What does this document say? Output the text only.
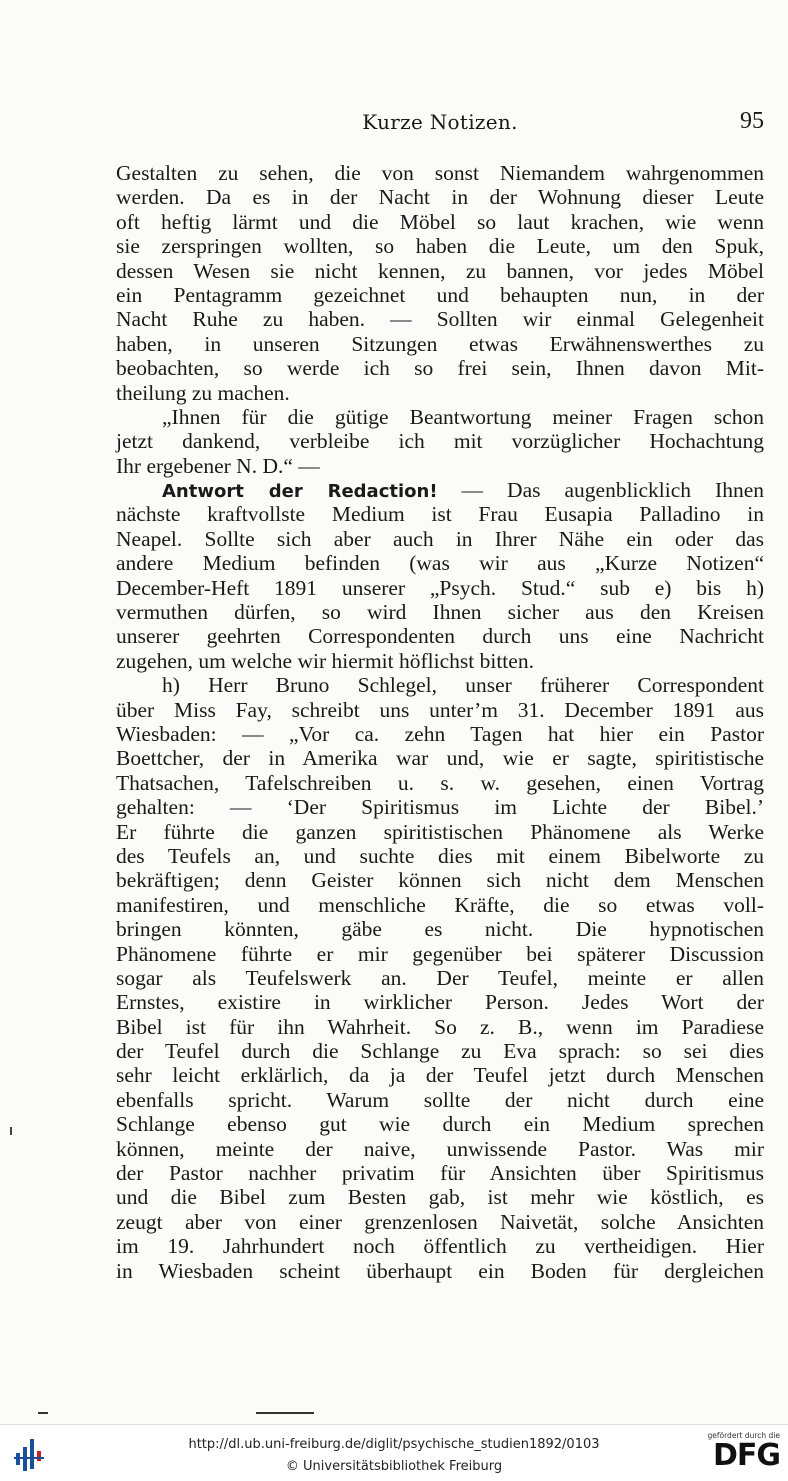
Kurze Notizen.	95
Gestalten zu sehen, die von sonst Niemandem wahrgenommen
werden. Da es in der Nacht in der Wohnung dieser Leute
oft heftig lärmt und die Möbel so laut krachen, wie wenn
sie zerspringen wollten, so haben die Leute, um den Spuk,
dessen Wesen sie nicht kennen, zu bannen, vor jedes Möbel
ein Pentagramm gezeichnet und behaupten nun, in der
Nacht Ruhe zu haben. — Sollten wir einmal Gelegenheit
haben, in unseren Sitzungen etwas Erwähnenswerthes zu
beobachten, so werde ich so frei sein, Ihnen davon Mit-
theilung zu machen.
„Ihnen für die gütige Beantwortung meiner Fragen schon
jetzt dankend, verbleibe ich mit vorzüglicher Hochachtung
Ihr ergebener N. D.“ —
Antwort der Redaction! — Das augenblicklich Ihnen
nächste kraftvollste Medium ist Frau Eusapia Palladino in
Neapel. Sollte sich aber auch in Ihrer Nähe ein oder das
andere Medium befinden (was wir aus „Kurze Notizen“
December-Heft 1891 unserer „Psych. Stud.“ sub e) bis h)
vermuthen dürfen, so wird Ihnen sicher aus den Kreisen
unserer geehrten Correspondenten durch uns eine Nachricht
zugehen, um welche wir hiermit höflichst bitten.
h) Herr Bruno Schlegel, unser früherer Correspondent
über Miss Fay, schreibt uns unter’m 31. December 1891 aus
Wiesbaden: — „Vor ca. zehn Tagen hat hier ein Pastor
Boettcher, der in Amerika war und, wie er sagte, spiritistische
Thatsachen, Tafelschreiben u. s. w. gesehen, einen Vortrag
gehalten: — ‘Der Spiritismus im Lichte der Bibel.’
Er führte die ganzen spiritistischen Phänomene als Werke
des Teufels an, und suchte dies mit einem Bibelworte zu
bekräftigen; denn Geister können sich nicht dem Menschen
manifestiren, und menschliche Kräfte, die so etwas voll-
bringen könnten, gäbe es nicht. Die hypnotischen
Phänomene führte er mir gegenüber bei späterer Discussion
sogar als Teufelswerk an. Der Teufel, meinte er allen
Ernstes, existire in wirklicher Person. Jedes Wort der
Bibel ist für ihn Wahrheit. So z. B., wenn im Paradiese
der Teufel durch die Schlange zu Eva sprach: so sei dies
sehr leicht erklärlich, da ja der Teufel jetzt durch Menschen
ebenfalls spricht. Warum sollte der nicht durch eine
Schlange ebenso gut wie durch ein Medium sprechen
können, meinte der naive, unwissende Pastor. Was mir
der Pastor nachher privatim für Ansichten über Spiritismus
und die Bibel zum Besten gab, ist mehr wie köstlich, es
zeugt aber von einer grenzenlosen Naivetät, solche Ansichten
im 19. Jahrhundert noch öffentlich zu vertheidigen. Hier
in Wiesbaden scheint überhaupt ein Boden für dergleichen
http://dl.ub.uni-freiburg.de/diglit/psychische_studien1892/0103
© Universitätsbibliothek Freiburg
gefördert durch die
DFG
